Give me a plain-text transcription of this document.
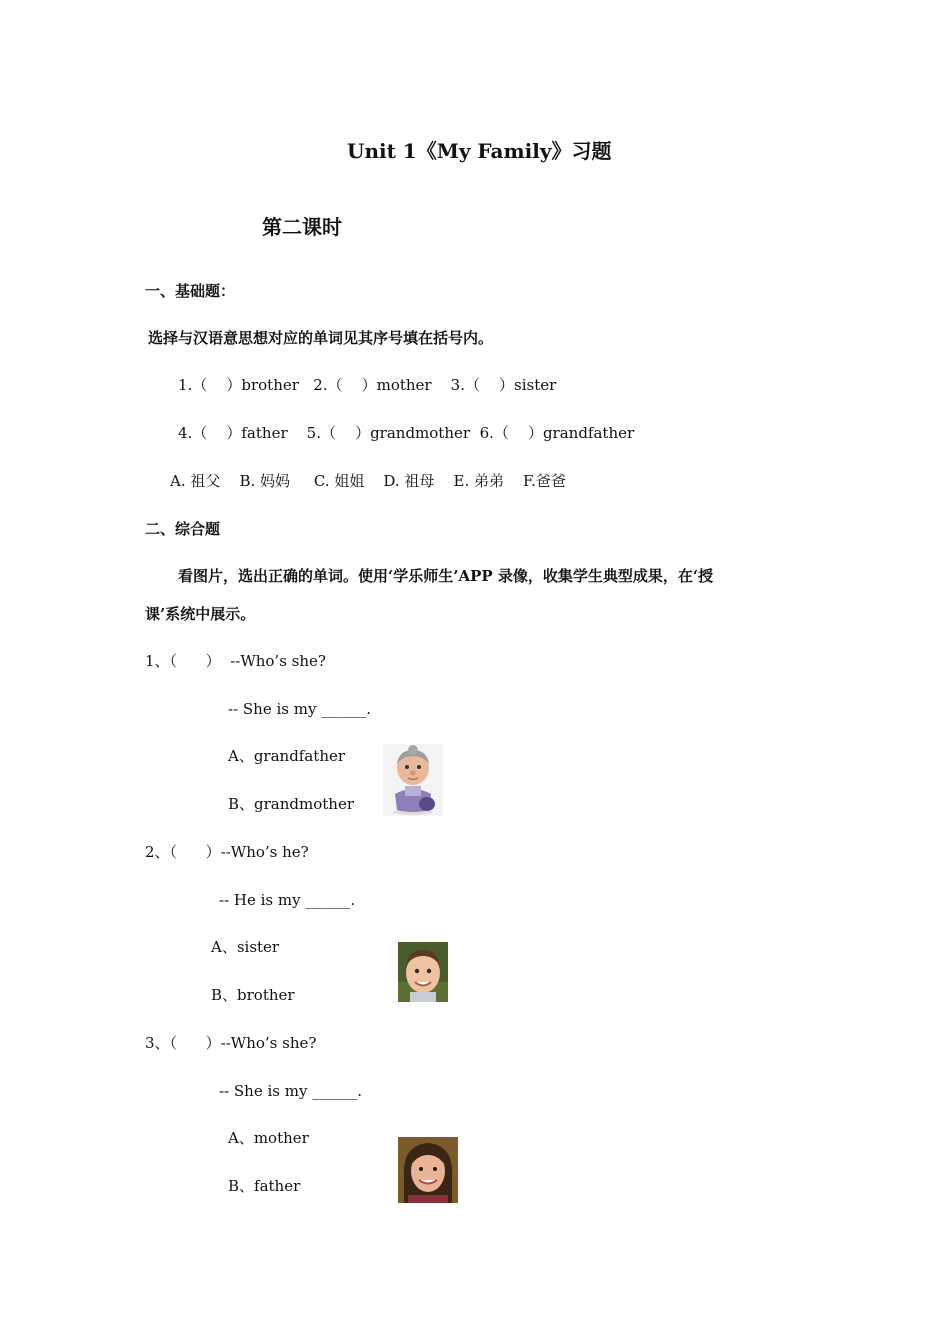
Unit 1《My Family》习题
第二课时
一、基础题：
选择与汉语意思想对应的单词见其序号填在括号内。
1.（    ）brother   2.（    ）mother    3.（    ）sister
4.（    ）father    5.（    ）grandmother  6.（    ）grandfather
A. 祖父    B. 妈妈     C. 姐姐    D. 祖母    E. 弟弟    F.爸爸
二、综合题
看图片，选出正确的单词。使用‘学乐师生’APP 录像，收集学生典型成果，在‘授
课’系统中展示。
1、（      ）  --Who’s she?
-- She is my ______.
A、grandfather
B、grandmother
2、（      ）--Who’s he?
-- He is my ______.
A、sister
B、brother
3、（      ）--Who’s she?
-- She is my ______.
A、mother
B、father
